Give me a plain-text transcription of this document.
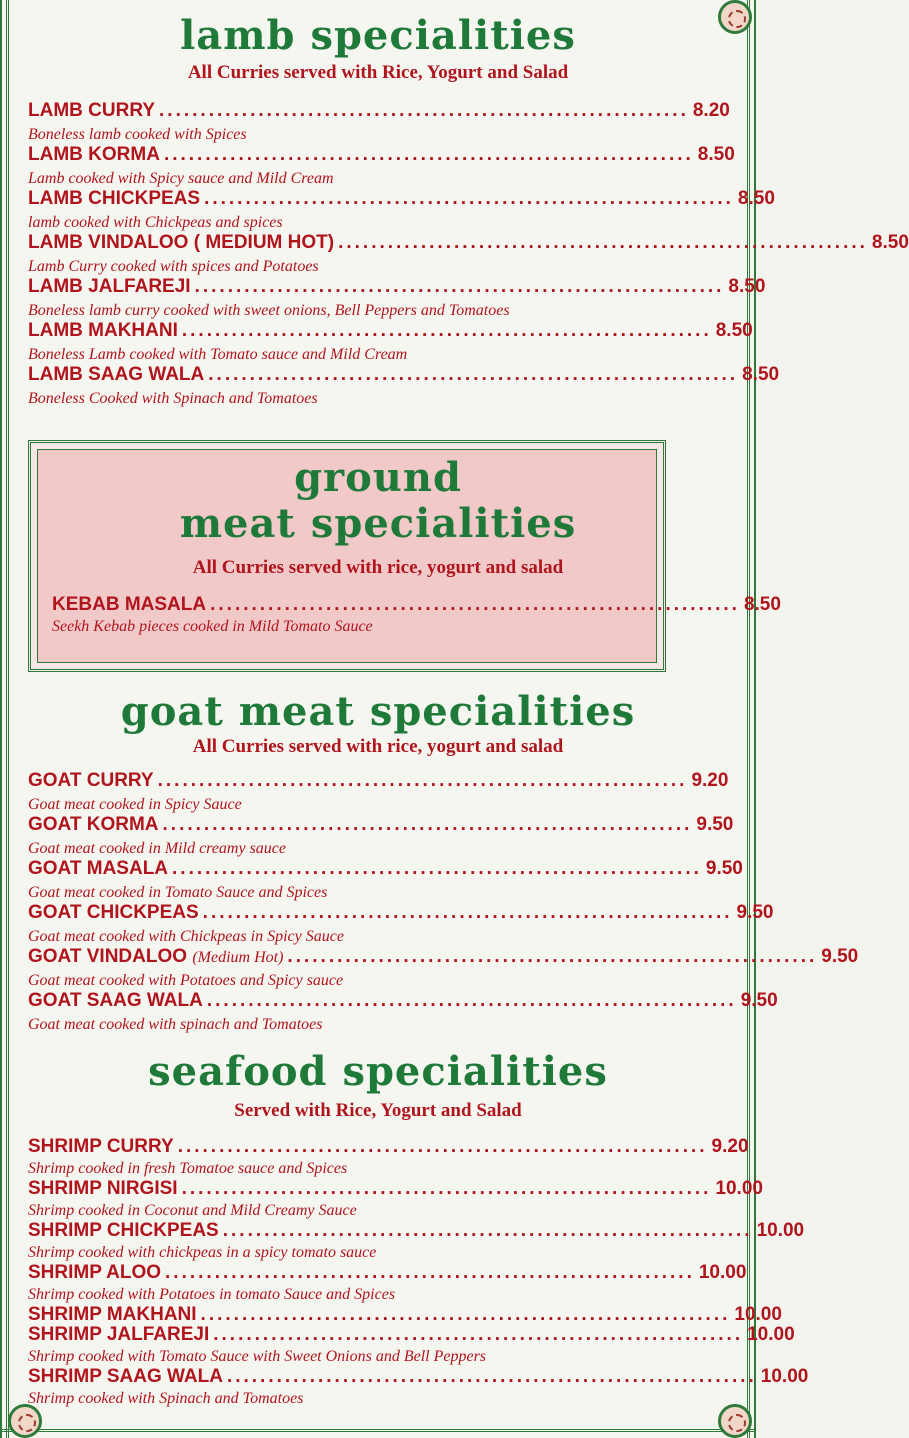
lamb specialities
All Curries served with Rice, Yogurt and Salad
LAMB CURRY ................................................................ 8.20
Boneless lamb cooked with Spices
LAMB KORMA ................................................................ 8.50
Lamb cooked with Spicy sauce and Mild Cream
LAMB CHICKPEAS ................................................................ 8.50
lamb cooked with Chickpeas and spices
LAMB VINDALOO ( MEDIUM HOT) ................................................................ 8.50
Lamb Curry cooked with spices and Potatoes
LAMB JALFAREJI ................................................................ 8.50
Boneless lamb curry cooked with sweet onions, Bell Peppers and Tomatoes
LAMB MAKHANI ................................................................ 8.50
Boneless Lamb cooked with Tomato sauce and Mild Cream
LAMB SAAG WALA ................................................................ 8.50
Boneless Cooked with Spinach and Tomatoes
ground
meat specialities
All Curries served with rice, yogurt and salad
KEBAB MASALA ................................................................ 8.50
Seekh Kebab pieces cooked in Mild Tomato Sauce
goat meat specialities
All Curries served with rice, yogurt and salad
GOAT CURRY ................................................................ 9.20
Goat meat cooked in Spicy Sauce
GOAT KORMA ................................................................ 9.50
Goat meat cooked in Mild creamy sauce
GOAT MASALA ................................................................ 9.50
Goat meat cooked in Tomato Sauce and Spices
GOAT CHICKPEAS ................................................................ 9.50
Goat meat cooked with Chickpeas in Spicy Sauce
GOAT VINDALOO (Medium Hot) ................................................................ 9.50
Goat meat cooked with Potatoes and Spicy sauce
GOAT SAAG WALA ................................................................ 9.50
Goat meat cooked with spinach and Tomatoes
seafood specialities
Served with Rice, Yogurt and Salad
SHRIMP CURRY ................................................................ 9.20
Shrimp cooked in fresh Tomatoe sauce and Spices
SHRIMP NIRGISI ................................................................ 10.00
Shrimp cooked in Coconut and Mild Creamy Sauce
SHRIMP CHICKPEAS ................................................................ 10.00
Shrimp cooked with chickpeas in a spicy tomato sauce
SHRIMP ALOO ................................................................ 10.00
Shrimp cooked with Potatoes in tomato Sauce and Spices
SHRIMP MAKHANI ................................................................ 10.00
SHRIMP JALFAREJI ................................................................ 10.00
Shrimp cooked with Tomato Sauce with Sweet Onions and Bell Peppers
SHRIMP SAAG WALA ................................................................ 10.00
Shrimp cooked with Spinach and Tomatoes
